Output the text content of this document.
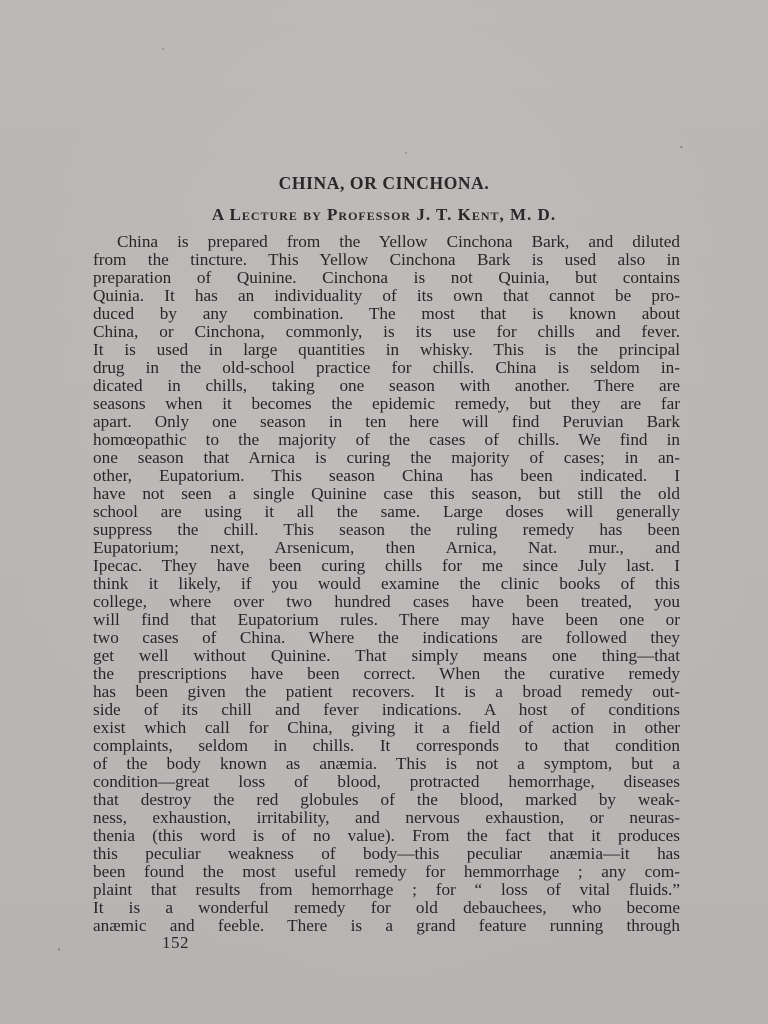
CHINA, OR CINCHONA.
A Lecture by Professor J. T. Kent, M. D.
China is prepared from the Yellow Cinchona Bark, and diluted
from the tincture. This Yellow Cinchona Bark is used also in
preparation of Quinine. Cinchona is not Quinia, but contains
Quinia. It has an individuality of its own that cannot be pro-
duced by any combination. The most that is known about
China, or Cinchona, commonly, is its use for chills and fever.
It is used in large quantities in whisky. This is the principal
drug in the old-school practice for chills. China is seldom in-
dicated in chills, taking one season with another. There are
seasons when it becomes the epidemic remedy, but they are far
apart. Only one season in ten here will find Peruvian Bark
homœopathic to the majority of the cases of chills. We find in
one season that Arnica is curing the majority of cases; in an-
other, Eupatorium. This season China has been indicated. I
have not seen a single Quinine case this season, but still the old
school are using it all the same. Large doses will generally
suppress the chill. This season the ruling remedy has been
Eupatorium; next, Arsenicum, then Arnica, Nat. mur., and
Ipecac. They have been curing chills for me since July last. I
think it likely, if you would examine the clinic books of this
college, where over two hundred cases have been treated, you
will find that Eupatorium rules. There may have been one or
two cases of China. Where the indications are followed they
get well without Quinine. That simply means one thing—that
the prescriptions have been correct. When the curative remedy
has been given the patient recovers. It is a broad remedy out-
side of its chill and fever indications. A host of conditions
exist which call for China, giving it a field of action in other
complaints, seldom in chills. It corresponds to that condition
of the body known as anæmia. This is not a symptom, but a
condition—great loss of blood, protracted hemorrhage, diseases
that destroy the red globules of the blood, marked by weak-
ness, exhaustion, irritability, and nervous exhaustion, or neuras-
thenia (this word is of no value). From the fact that it produces
this peculiar weakness of body—this peculiar anæmia—it has
been found the most useful remedy for hemmorrhage ; any com-
plaint that results from hemorrhage ; for “ loss of vital fluids.”
It is a wonderful remedy for old debauchees, who become
anæmic and feeble. There is a grand feature running through

152
